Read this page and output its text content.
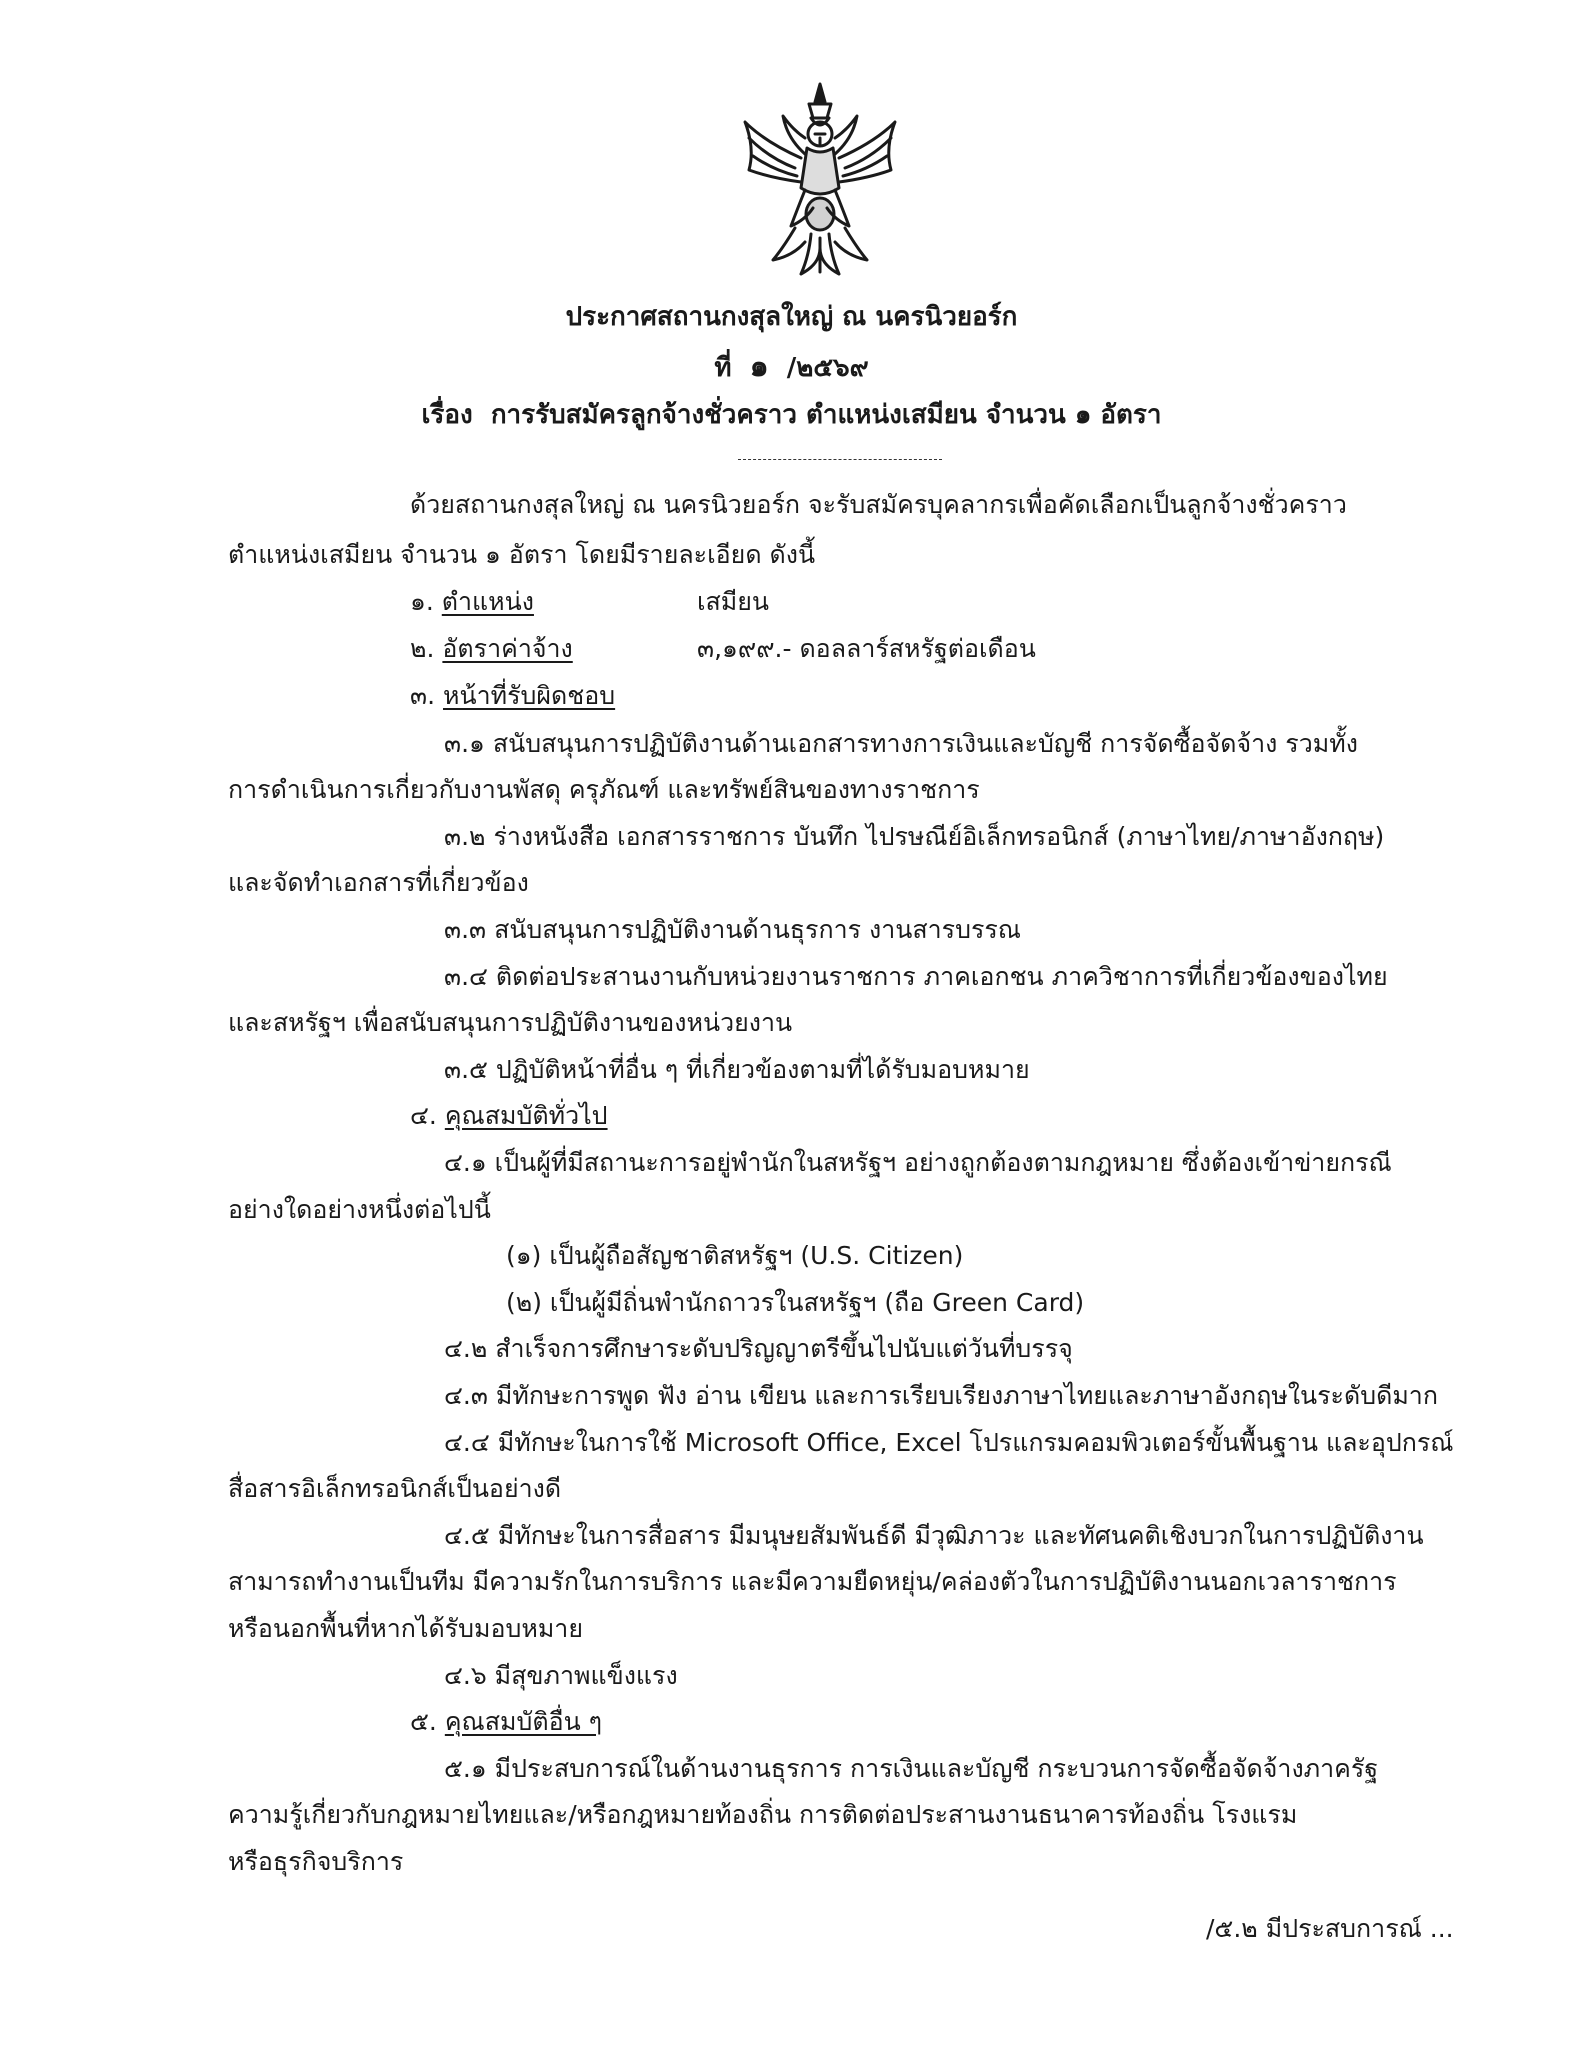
ประกาศสถานกงสุลใหญ่ ณ นครนิวยอร์ก
ที่ ๑ /๒๕๖๙
เรื่อง การรับสมัครลูกจ้างชั่วคราว ตำแหน่งเสมียน จำนวน ๑ อัตรา
ด้วยสถานกงสุลใหญ่ ณ นครนิวยอร์ก จะรับสมัครบุคลากรเพื่อคัดเลือกเป็นลูกจ้างชั่วคราว
ตำแหน่งเสมียน จำนวน ๑ อัตรา โดยมีรายละเอียด ดังนี้
๑. ตำแหน่ง	เสมียน
๒. อัตราค่าจ้าง	๓,๑๙๙.- ดอลลาร์สหรัฐต่อเดือน
๓. หน้าที่รับผิดชอบ
๓.๑ สนับสนุนการปฏิบัติงานด้านเอกสารทางการเงินและบัญชี การจัดซื้อจัดจ้าง รวมทั้ง
การดำเนินการเกี่ยวกับงานพัสดุ ครุภัณฑ์ และทรัพย์สินของทางราชการ
๓.๒ ร่างหนังสือ เอกสารราชการ บันทึก ไปรษณีย์อิเล็กทรอนิกส์ (ภาษาไทย/ภาษาอังกฤษ)
และจัดทำเอกสารที่เกี่ยวข้อง
๓.๓ สนับสนุนการปฏิบัติงานด้านธุรการ งานสารบรรณ
๓.๔ ติดต่อประสานงานกับหน่วยงานราชการ ภาคเอกชน ภาควิชาการที่เกี่ยวข้องของไทย
และสหรัฐฯ เพื่อสนับสนุนการปฏิบัติงานของหน่วยงาน
๓.๕ ปฏิบัติหน้าที่อื่น ๆ ที่เกี่ยวข้องตามที่ได้รับมอบหมาย
๔. คุณสมบัติทั่วไป
๔.๑ เป็นผู้ที่มีสถานะการอยู่พำนักในสหรัฐฯ อย่างถูกต้องตามกฎหมาย ซึ่งต้องเข้าข่ายกรณี
อย่างใดอย่างหนึ่งต่อไปนี้
(๑) เป็นผู้ถือสัญชาติสหรัฐฯ (U.S. Citizen)
(๒) เป็นผู้มีถิ่นพำนักถาวรในสหรัฐฯ (ถือ Green Card)
๔.๒ สำเร็จการศึกษาระดับปริญญาตรีขึ้นไปนับแต่วันที่บรรจุ
๔.๓ มีทักษะการพูด ฟัง อ่าน เขียน และการเรียบเรียงภาษาไทยและภาษาอังกฤษในระดับดีมาก
๔.๔ มีทักษะในการใช้ Microsoft Office, Excel โปรแกรมคอมพิวเตอร์ขั้นพื้นฐาน และอุปกรณ์
สื่อสารอิเล็กทรอนิกส์เป็นอย่างดี
๔.๕ มีทักษะในการสื่อสาร มีมนุษยสัมพันธ์ดี มีวุฒิภาวะ และทัศนคติเชิงบวกในการปฏิบัติงาน
สามารถทำงานเป็นทีม มีความรักในการบริการ และมีความยืดหยุ่น/คล่องตัวในการปฏิบัติงานนอกเวลาราชการ
หรือนอกพื้นที่หากได้รับมอบหมาย
๔.๖ มีสุขภาพแข็งแรง
๕. คุณสมบัติอื่น ๆ
๕.๑ มีประสบการณ์ในด้านงานธุรการ การเงินและบัญชี กระบวนการจัดซื้อจัดจ้างภาครัฐ
ความรู้เกี่ยวกับกฎหมายไทยและ/หรือกฎหมายท้องถิ่น การติดต่อประสานงานธนาคารท้องถิ่น โรงแรม
หรือธุรกิจบริการ
/๕.๒ มีประสบการณ์ ...
